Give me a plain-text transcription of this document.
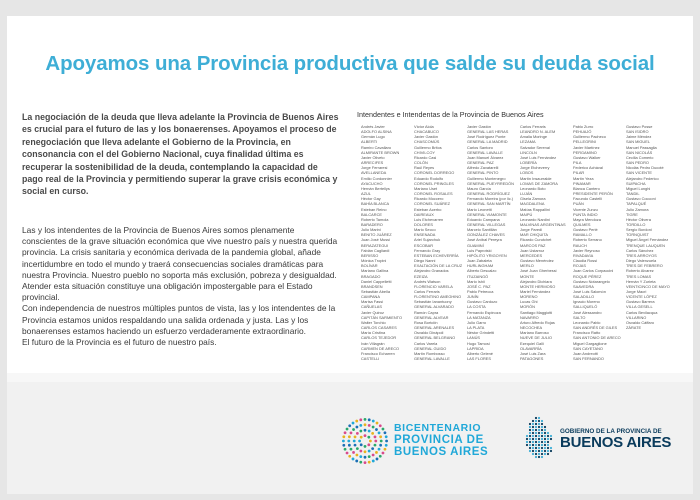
Apoyamos una Provincia productiva que salde su deuda social
La negociación de la deuda que lleva adelante la Provincia de Buenos Aires es crucial para el futuro de las y los bonaerenses. Apoyamos el proceso de renegociación que lleva adelante el Gobierno de la Provincia, en consonancia con el del Gobierno Nacional, cuya finalidad última es recuperar la sostenibilidad de la deuda, contemplando la capacidad de pago real de la Provincia y permitiendo superar la grave crisis económica y social en curso.

Las y los intendentes de la Provincia de Buenos Aires somos plenamente conscientes de la grave situación económica que vive nuestro país y nuestra querida provincia. La crisis sanitaria y económica derivada de la pandemia global, añade incertidumbre en todo el mundo y traerá consecuencias sociales dramáticas para nuestra Provincia. Nuestro pueblo no soporta más exclusión, pobreza y desigualdad. Atender esta situación constituye una obligación impostergable para el Estado provincial.

Con independencia de nuestros múltiples puntos de vista, las y los intendentes de la Provincia estamos unidos respaldando una salida ordenada y justa. Las y los bonaerenses estamos haciendo un esfuerzo verdaderamente extraordinario.

El futuro de la Provincia es el futuro de nuestro país.

Intendentes e Intendentas de la Provincia de Buenos Aires
Andrés Javier
ADOLFO ALSINA
Germán Lugo
ALBERTI
Ramiro Cavallaro
ALMIRANTE BROWN
Javier Oliveto
ARRECIFES
Jorge Ferraresi
AVELLANEDA
Emilio Cordonnier
AYACUCHO
Hernán Bertellys
AZUL
Héctor Gay
BAHÍA BLANCA
Esteban Reino
BALCARCE
Roberto Tamola
BARADERO
Julio Marini
BENITO JUÁREZ
Juan José Mussi
BERAZATEGUI
Fabián Cagliardi
BERISSO
Mónica Tropini
BOLÍVAR
Mariano Gallina
BRAGADO
Daniel Cappelletti
BRANDSEN
Sebastián Abella
CAMPANA
Marisa Fassi
CAÑUELAS
Javier Quiroz
CAPITÁN SARMIENTO
Walter Torchio
CARLOS CASARES
María Cristina
CARLOS TEJEDOR
Iván Villagrán
CARMEN DE ARECO
Francisco Echarren
CASTELLI
Víctor Aiola
CHACABUCO
Javier Gastón
CHASCOMÚS
Guillermo Britos
CHIVILCOY
Ricardo Casi
COLÓN
Raúl Reyes
CORONEL DORREGO
Eduardo Rodolfo
CORONEL PRINGLES
Mariano Uset
CORONEL ROSALES
Ricardo Moccero
CORONEL SUÁREZ
Esteban Acerbo
DAIREAUX
Luis Etchevarren
DOLORES
Mario Secco
ENSENADA
Ariel Sujarchuk
ESCOBAR
Fernando Gray
ESTEBAN ECHEVERRÍA
Diego Nanni
EXALTACIÓN DE LA CRUZ
Alejandro Granados
EZEIZA
Andrés Watson
FLORENCIO VARELA
Carlos Ferraris
FLORENTINO AMEGHINO
Sebastián Ianantuony
GENERAL ALVARADO
Ramón Capra
GENERAL ALVEAR
Rosa Bortolín
GENERAL ARENALES
Osvaldo Dinápoli
GENERAL BELGRANO
Carlos Varela
GENERAL GUIDO
Martín Rombosso
GENERAL LAVALLE
Javier Gastón
GENERAL LAS HERAS
José Rodríguez Ponte
GENERAL LA MADRID
Carlos Santoro
GENERAL LAVALLE
Juan Manuel Álvarez
GENERAL PAZ
Alfredo Zavatarelli
GENERAL PINTO
Guillermo Montenegro
GENERAL PUEYRREDÓN
Mauro García
GENERAL RODRÍGUEZ
Fernando Moreira (por lic.)
GENERAL SAN MARTÍN
Mario Leonetti
GENERAL VIAMONTE
Eduardo Campana
GENERAL VILLEGAS
Marcelo Santillán
GONZÁLEZ CHAVES
José Aníbal Pereyra
GUAMINÍ
Luis Paprotski
HIPÓLITO YRIGOYEN
Juan Zabaleta
HURLINGHAM
Alberto Descalzo
ITUZAINGÓ
Mario Ishii
JOSÉ C. PAZ
Pablo Petrecca
JUNÍN
Gustavo Cardozo
LA COSTA
Fernando Espinoza
LA MATANZA
Julio Garro
LA PLATA
Néstor Grindetti
LANÚS
Hugo Tamosi
LAPRIDA
Alberto Gelené
LAS FLORES
Carlos Ferraris
LEANDRO N. ALEM
Amalia Moringe
LEZAMA
Salvador Serenal
LINCOLN
José Luis Fernández
LOBERÍA
Jorge Etcheverry
LOBOS
Martín Insaurralde
LOMAS DE ZAMORA
Leonardo Boto
LUJÁN
Gisela Zamora
MAGDALENA
Matías Rappallini
MAIPÚ
Leonardo Nardini
MALVINAS ARGENTINAS
Jorge Paredi
MAR CHIQUITA
Ricardo Curutchet
MARCOS PAZ
Juan Ustarroz
MERCEDES
Gustavo Menéndez
MERLO
José Juan Gherbessi
MONTE
Alejandro Dichiara
MONTE HERMOSO
Mariel Fernández
MORENO
Lucas Ghi
MORÓN
Santiago Maggiotti
NAVARRO
Arturo Alfredo Rojas
NECOCHEA
Mariano Barroso
NUEVE DE JULIO
Ezequiel Galli
OLAVARRÍA
José Luis Zara
PATAGONES
Pablo Zurro
PEHUAJÓ
Guillermo Pacheco
PELLEGRINI
Javier Martínez
PERGAMINO
Gustavo Walker
PILA
Federico Achával
PILAR
Martín Yeza
PINAMAR
Blanca Cantero
PRESIDENTE PERÓN
Facundo Castelli
PUÁN
Vicente Zunzu
PUNTA INDIO
Mayra Mendoza
QUILMES
Gustavo Perié
RAMALLO
Roberto Serrano
RAUCH
Javier Reynoso
RIVADAVIA
Claudia Rossi
ROJAS
Juan Carlos Corpaccini
ROQUE PÉREZ
Gustavo Notarangelo
SAAVEDRA
José Luis Salomón
SALADILLO
Ignacio Moreno
SALLIQUELÓ
José Alessandro
SALTO
Leonardo Pablo
SAN ANDRÉS DE GILES
Francisco Ratto
SAN ANTONIO DE ARECO
Miguel Gargaglione
SAN CAYETANO
Juan Andreotti
SAN FERNANDO
Gustavo Posse
SAN ISIDRO
Jaime Méndez
SAN MIGUEL
Manuel Passaglia
SAN NICOLÁS
Cecilia Comerio
SAN PEDRO
Nicolás Pedro Ducoté
SAN VICENTE
Alejandro Federico
SUIPACHA
Miguel Lunghi
TANDIL
Gustavo Cocconi
TAPALQUÉ
Julio Zamora
TIGRE
Héctor Olivera
TORDILLO
Sergio Bordoni
TORNQUIST
Miguel Ángel Fernández
TRENQUE LAUQUEN
Carlos Sánchez
TRES ARROYOS
Diego Valenzuela
TRES DE FEBRERO
Roberto Alvarez
TRES LOMAS
Hernán Y Zurieta
VEINTICINCO DE MAYO
Jorge Macri
VICENTE LÓPEZ
Gustavo Barrera
VILLA GESELL
Carlos Bevilacqua
VILLARINO
Osvaldo Cáffaro
ZÁRATE
BICENTENARIO
PROVINCIA DE
BUENOS AIRES
GOBIERNO DE LA PROVINCIA DE
BUENOS AIRES
